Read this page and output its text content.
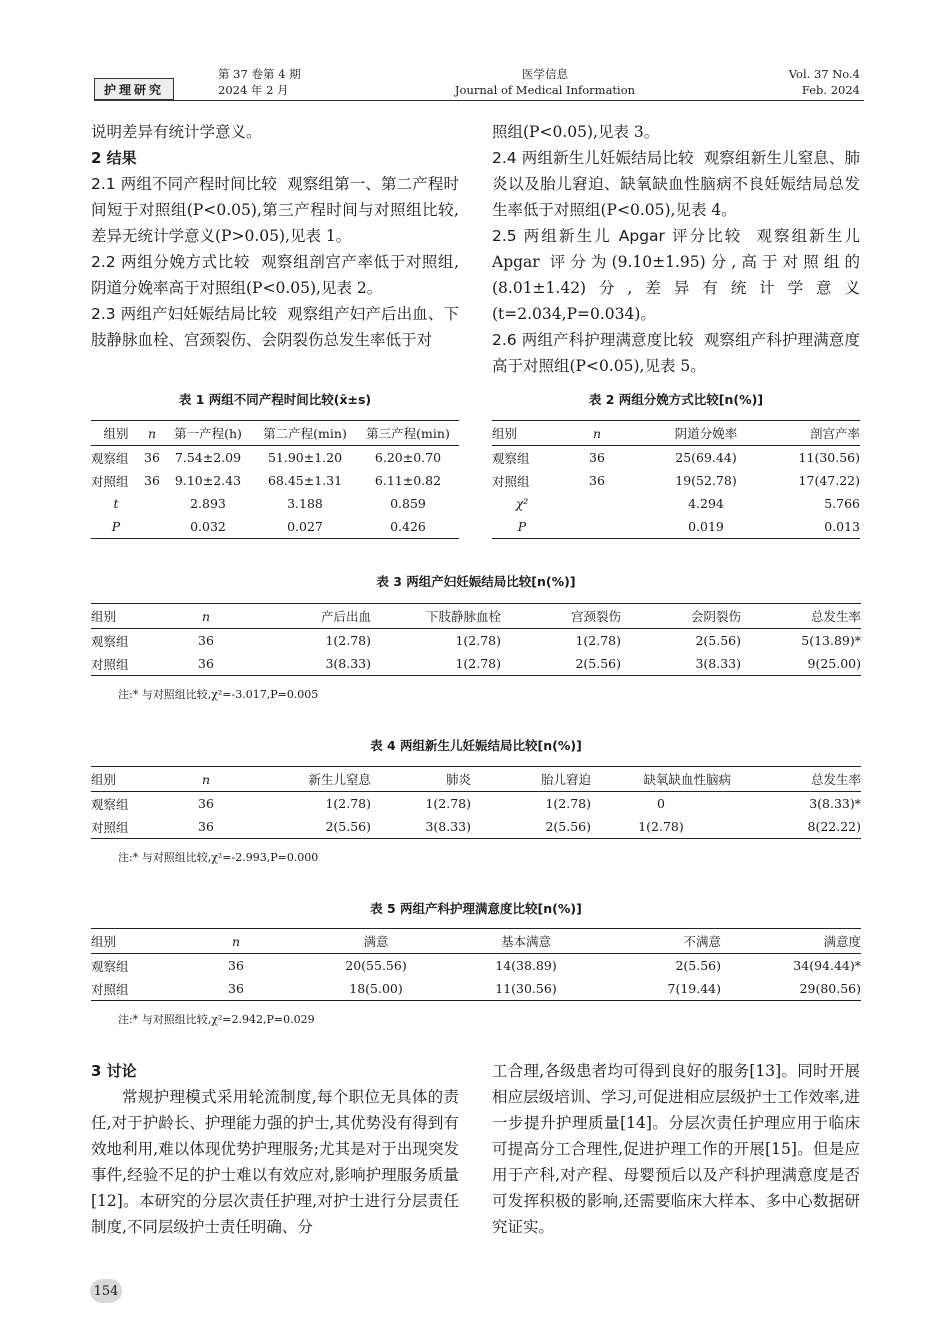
护理研究
第 37 卷第 4 期
2024 年 2 月
医学信息
Journal of Medical Information
Vol. 37 No.4
Feb. 2024

说明差异有统计学意义。

2 结果

2.1 两组不同产程时间比较 观察组第一、第二产程时间短于对照组(P<0.05),第三产程时间与对照组比较,差异无统计学意义(P>0.05),见表 1。

2.2 两组分娩方式比较 观察组剖宫产率低于对照组,阴道分娩率高于对照组(P<0.05),见表 2。

2.3 两组产妇妊娠结局比较 观察组产妇产后出血、下肢静脉血栓、宫颈裂伤、会阴裂伤总发生率低于对

照组(P<0.05),见表 3。

2.4 两组新生儿妊娠结局比较 观察组新生儿窒息、肺炎以及胎儿窘迫、缺氧缺血性脑病不良妊娠结局总发生率低于对照组(P<0.05),见表 4。

2.5 两组新生儿 Apgar 评分比较 观察组新生儿 Apgar 评分为(9.10±1.95)分,高于对照组的(8.01±1.42)分,差异有统计学意义(t=2.034,P=0.034)。

2.6 两组产科护理满意度比较 观察组产科护理满意度高于对照组(P<0.05),见表 5。

表 1 两组不同产程时间比较(x̄±s)
组别	n	第一产程(h)	第二产程(min)	第三产程(min)
观察组	36	7.54±2.09	51.90±1.20	6.20±0.70
对照组	36	9.10±2.43	68.45±1.31	6.11±0.82
t		2.893	3.188	0.859
P		0.032	0.027	0.426
表 2 两组分娩方式比较[n(%)]
组别	n	阴道分娩率	剖宫产率
观察组	36	25(69.44)	11(30.56)
对照组	36	19(52.78)	17(47.22)
χ²		4.294	5.766
P		0.019	0.013
表 3 两组产妇妊娠结局比较[n(%)]
组别	n	产后出血	下肢静脉血栓	宫颈裂伤	会阴裂伤	总发生率
观察组	36	1(2.78)	1(2.78)	1(2.78)	2(5.56)	5(13.89)*
对照组	36	3(8.33)	1(2.78)	2(5.56)	3(8.33)	9(25.00)
注:* 与对照组比较,χ²=-3.017,P=0.005
表 4 两组新生儿妊娠结局比较[n(%)]
组别	n	新生儿窒息	肺炎	胎儿窘迫	缺氧缺血性脑病	总发生率
观察组	36	1(2.78)	1(2.78)	1(2.78)	0	3(8.33)*
对照组	36	2(5.56)	3(8.33)	2(5.56)	1(2.78)	8(22.22)
注:* 与对照组比较,χ²=-2.993,P=0.000
表 5 两组产科护理满意度比较[n(%)]
组别	n	满意	基本满意	不满意	满意度
观察组	36	20(55.56)	14(38.89)	2(5.56)	34(94.44)*
对照组	36	18(5.00)	11(30.56)	7(19.44)	29(80.56)
注:* 与对照组比较,χ²=2.942,P=0.029

3 讨论

常规护理模式采用轮流制度,每个职位无具体的责任,对于护龄长、护理能力强的护士,其优势没有得到有效地利用,难以体现优势护理服务;尤其是对于出现突发事件,经验不足的护士难以有效应对,影响护理服务质量[12]。本研究的分层次责任护理,对护士进行分层责任制度,不同层级护士责任明确、分

工合理,各级患者均可得到良好的服务[13]。同时开展相应层级培训、学习,可促进相应层级护士工作效率,进一步提升护理质量[14]。分层次责任护理应用于临床可提高分工合理性,促进护理工作的开展[15]。但是应用于产科,对产程、母婴预后以及产科护理满意度是否可发挥积极的影响,还需要临床大样本、多中心数据研究证实。

154
